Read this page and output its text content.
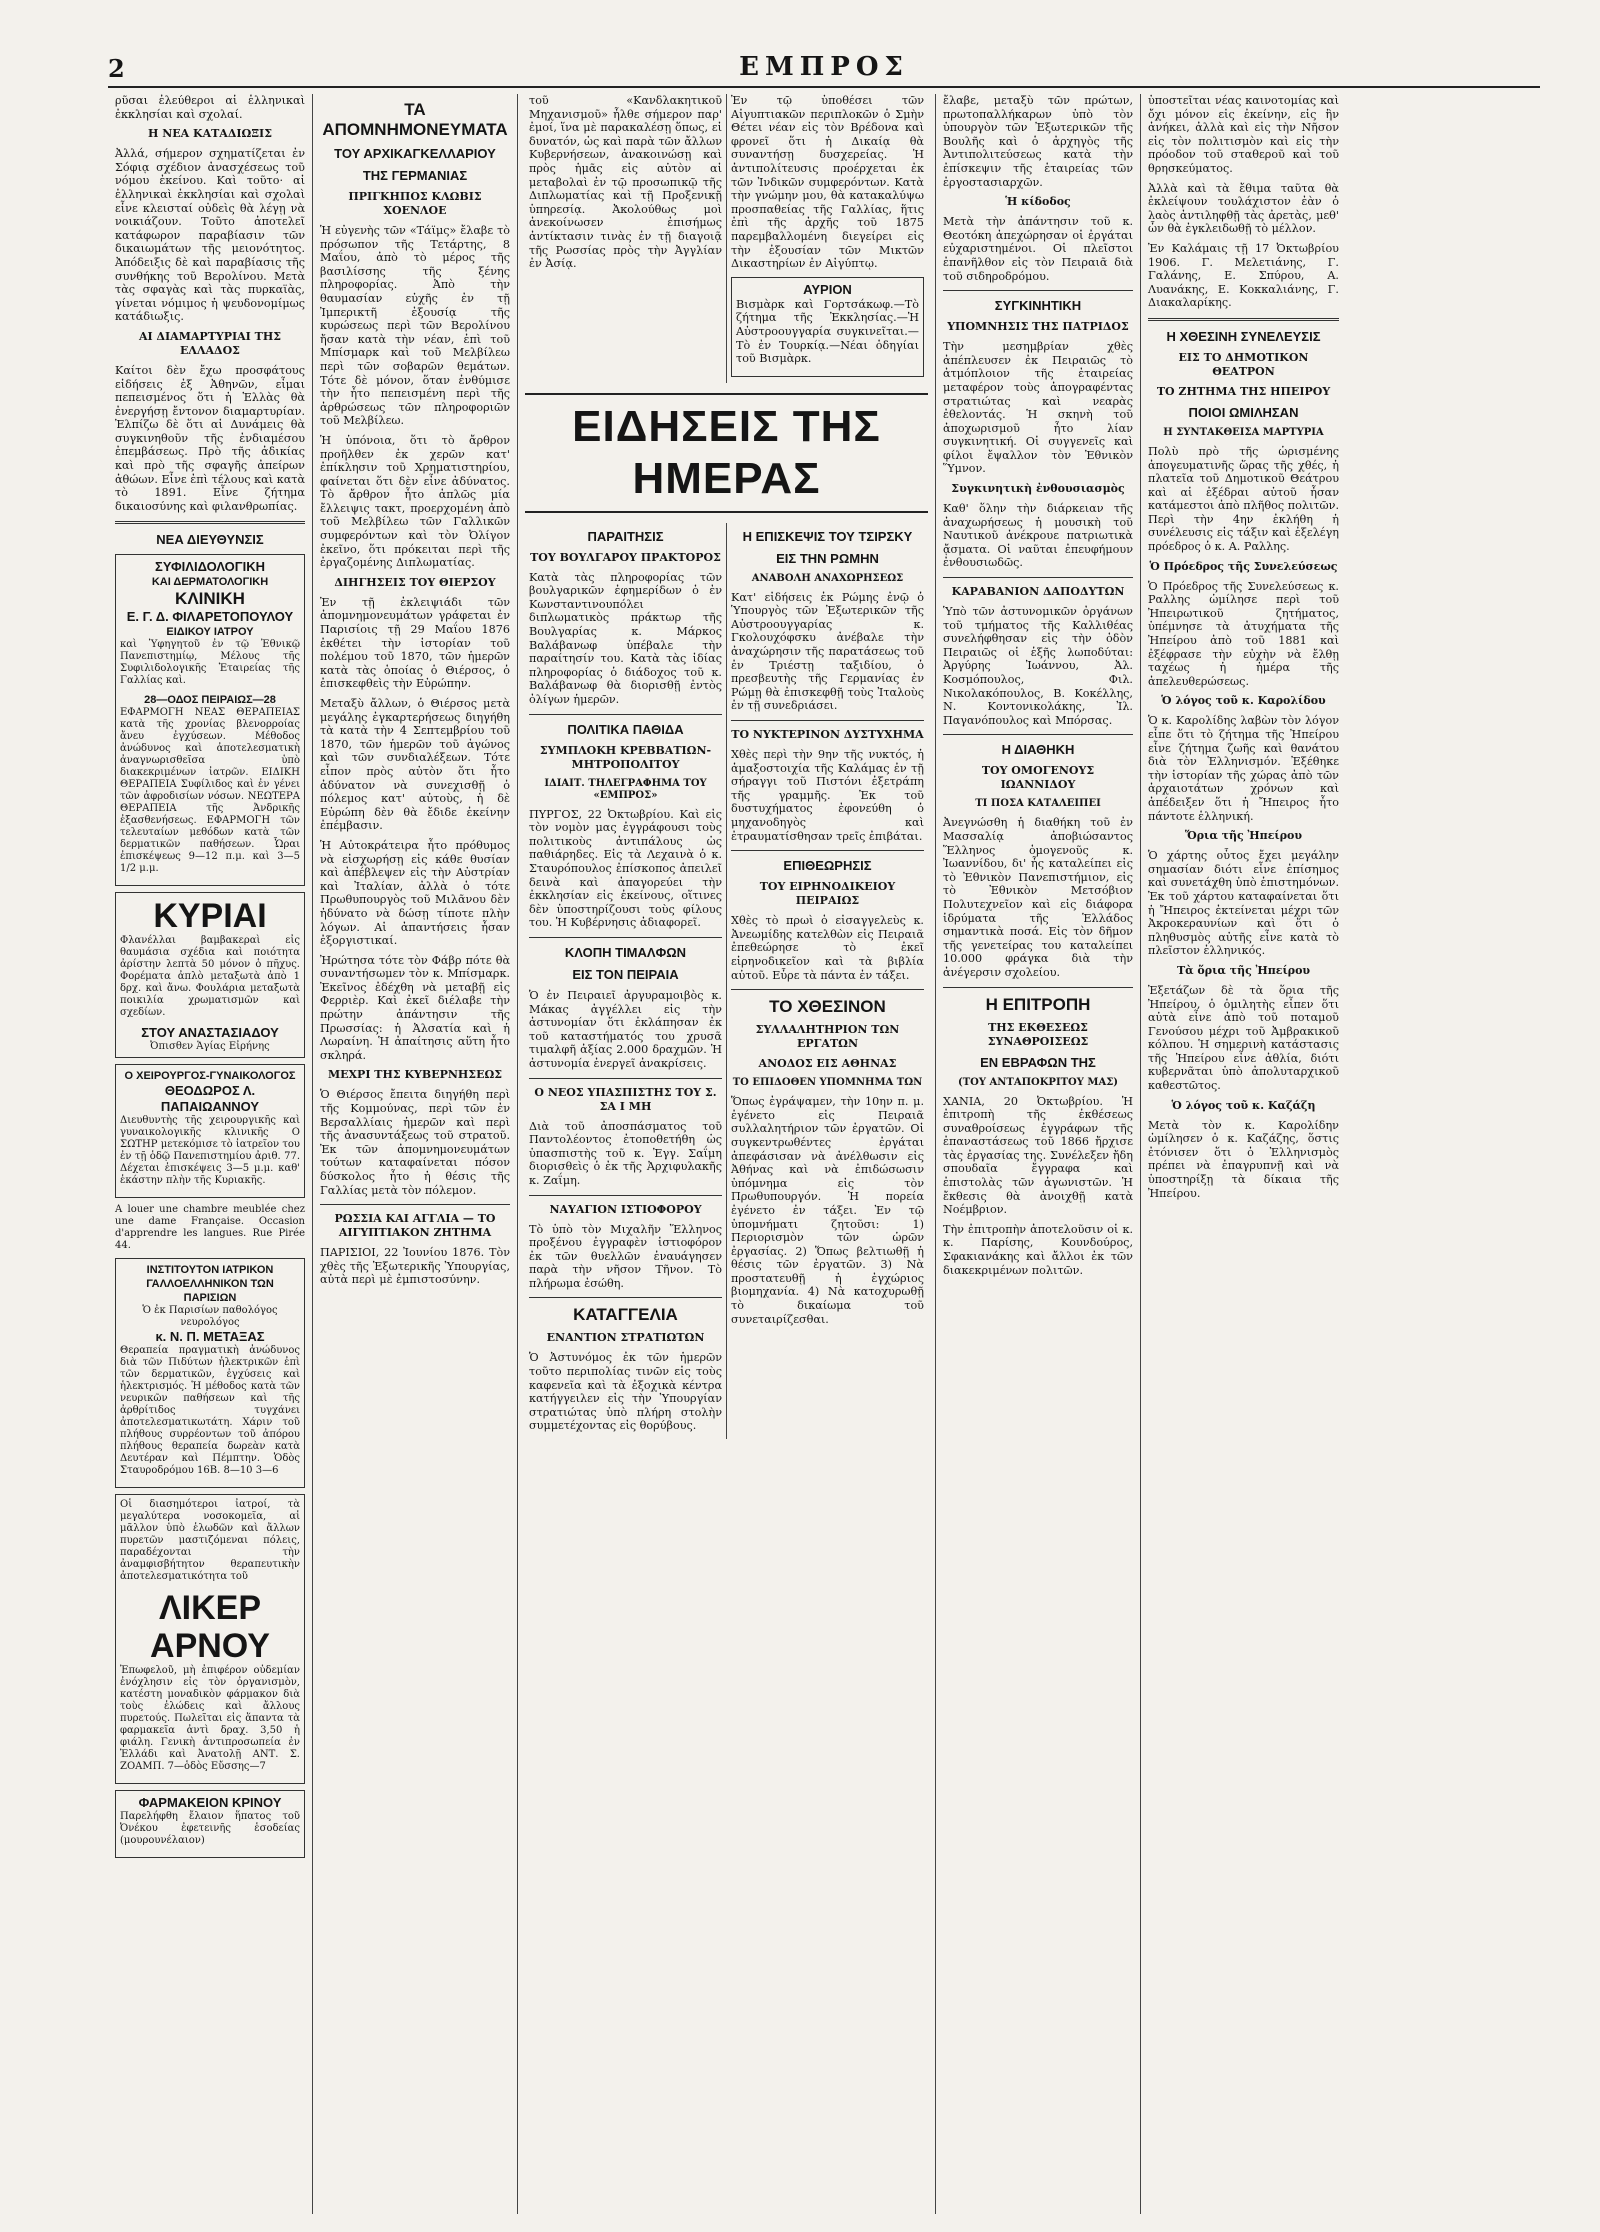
2	ΕΜΠΡΟΣ

ρῦσαι ἐλεύθεροι αἱ ἑλληνικαὶ ἐκκλησίαι καὶ σχολαί.

Η ΝΕΑ ΚΑΤΑΔΙΩΞΙΣ

Ἀλλά, σήμερον σχηματίζεται ἐν Σόφιᾳ σχέδιον ἀνασχέσεως τοῦ νόμου ἐκείνου. Καὶ τοῦτο· αἱ ἑλληνικαὶ ἐκκλησίαι καὶ σχολαὶ εἶνε κλεισταί οὐδεὶς θὰ λέγῃ νὰ νοικιάζουν. Τοῦτο ἀποτελεῖ κατάφωρον παραβίασιν τῶν δικαιωμάτων τῆς μειονότητος. Ἀπόδειξις δὲ καὶ παραβίασις τῆς συνθήκης τοῦ Βερολίνου. Μετὰ τὰς σφαγὰς καὶ τὰς πυρκαϊὰς, γίνεται νόμιμος ἡ ψευδονομίμως κατάδιωξις.

ΑΙ ΔΙΑΜΑΡΤΥΡΙΑΙ ΤΗΣ ΕΛΛΑΔΟΣ

Καίτοι δὲν ἔχω προσφάτους εἰδήσεις ἐξ Ἀθηνῶν, εἶμαι πεπεισμένος ὅτι ἡ Ἑλλὰς θὰ ἐνεργήσῃ ἔντονον διαμαρτυρίαν. Ἐλπίζω δὲ ὅτι αἱ Δυνάμεις θὰ συγκινηθοῦν τῆς ἐνδιαμέσου ἐπεμβάσεως. Πρὸ τῆς ἀδικίας καὶ πρὸ τῆς σφαγῆς ἀπείρων ἀθώων. Εἶνε ἐπὶ τέλους καὶ κατὰ τὸ 1891. Εἶνε ζήτημα δικαιοσύνης καὶ φιλανθρωπίας.

ΝΕΑ ΔΙΕΥΘΥΝΣΙΣ
ΣΥΦΙΛΙΔΟΛΟΓΙΚΗ
ΚΑΙ ΔΕΡΜΑΤΟΛΟΓΙΚΗ
ΚΛΙΝΙΚΗ
Ε. Γ. Δ. ΦΙΛΑΡΕΤΟΠΟΥΛΟΥ
ΕΙΔΙΚΟΥ ΙΑΤΡΟΥ

καὶ Ὑφηγητοῦ ἐν τῷ Ἐθνικῷ Πανεπιστημίῳ, Μέλους τῆς Συφιλιδολογικῆς Ἑταιρείας τῆς Γαλλίας καὶ.

28—ΟΔΟΣ ΠΕΙΡΑΙΩΣ—28

ΕΦΑΡΜΟΓΗ ΝΕΑΣ ΘΕΡΑΠΕΙΑΣ κατὰ τῆς χρονίας βλενορροίας ἄνευ ἐγχύσεων. Μέθοδος ἀνώδυνος καὶ ἀποτελεσματικὴ ἀναγνωρισθεῖσα ὑπὸ διακεκριμένων ἰατρῶν. ΕΙΔΙΚΗ ΘΕΡΑΠΕΙΑ Συφίλιδος καὶ ἐν γένει τῶν ἀφροδισίων νόσων. ΝΕΩΤΕΡΑ ΘΕΡΑΠΕΙΑ τῆς Ἀνδρικῆς ἐξασθενήσεως. ΕΦΑΡΜΟΓΗ τῶν τελευταίων μεθόδων κατὰ τῶν δερματικῶν παθήσεων. Ὧραι ἐπισκέψεως 9—12 π.μ. καὶ 3—5 1/2 μ.μ.

ΚΥΡΙΑΙ

Φλανέλλαι βαμβακεραὶ εἰς θαυμάσια σχέδια καὶ ποιότητα ἀρίστην λεπτὰ 50 μόνον ὁ πῆχυς. Φορέματα ἀπλὸ μεταξωτὰ ἀπὸ 1 δρχ. καὶ ἄνω. Φουλάρια μεταξωτὰ ποικιλία χρωματισμῶν καὶ σχεδίων.

ΣΤΟΥ ΑΝΑΣΤΑΣΙΑΔΟΥ
Ὀπισθεν Ἁγίας Εἰρήνης
Ο ΧΕΙΡΟΥΡΓΟΣ-ΓΥΝΑΙΚΟΛΟΓΟΣ
ΘΕΟΔΩΡΟΣ Λ. ΠΑΠΑΙΩΑΝΝΟΥ

Διευθυντὴς τῆς χειρουργικῆς καὶ γυναικολογικῆς κλινικῆς Ο ΣΩΤΗΡ μετεκόμισε τὸ ἰατρεῖον του ἐν τῇ ὁδῷ Πανεπιστημίου ἀριθ. 77. Δέχεται ἐπισκέψεις 3—5 μ.μ. καθ' ἑκάστην πλὴν τῆς Κυριακῆς.

A louer une chambre meublée chez une dame Française. Occasion d'apprendre les langues. Rue Pirée 44.

ΙΝΣΤΙΤΟΥΤΟΝ ΙΑΤΡΙΚΟΝ
ΓΑΛΛΟΕΛΛΗΝΙΚΟΝ ΤΩΝ ΠΑΡΙΣΙΩΝ
Ὁ ἐκ Παρισίων παθολόγος νευρολόγος
κ. Ν. Π. ΜΕΤΑΞΑΣ

Θεραπεία πραγματικὴ ἀνώδυνος διὰ τῶν Πιδύτων ἠλεκτρικῶν ἐπὶ τῶν δερματικῶν, ἐγχύσεις καὶ ἡλεκτρισμός. Ἡ μέθοδος κατὰ τῶν νευρικῶν παθήσεων καὶ τῆς ἀρθρίτιδος τυγχάνει ἀποτελεσματικωτάτη. Χάριν τοῦ πλήθους συρρέοντων τοῦ ἀπόρου πλήθους θεραπεία δωρεὰν κατὰ Δευτέραν καὶ Πέμπτην. Ὁδὸς Σταυροδρόμου 16Β. 8—10 3—6

Οἱ διασημότεροι ἰατροί, τὰ μεγαλύτερα νοσοκομεῖα, αἱ μᾶλλον ὑπὸ ἑλωδῶν καὶ ἄλλων πυρετῶν μαστιζόμεναι πόλεις, παραδέχονται τὴν ἀναμφισβήτητον θεραπευτικὴν ἀποτελεσματικότητα τοῦ

ΛΙΚΕΡ
ΑΡΝΟΥ

Ἐπωφελοῦ, μὴ ἐπιφέρον οὐδεμίαν ἐνόχλησιν εἰς τὸν ὀργανισμὸν, κατέστη μοναδικὸν φάρμακον διὰ τοὺς ἑλώδεις καὶ ἄλλους πυρετούς. Πωλεῖται εἰς ἅπαντα τὰ φαρμακεῖα ἀντὶ δραχ. 3,50 ἡ φιάλη. Γενικὴ ἀντιπροσωπεία ἐν Ἑλλάδι καὶ Ἀνατολῇ ΑΝΤ. Σ. ΖΟΑΜΠ. 7—ὁδὸς Εὔσσης—7

ΦΑΡΜΑΚΕΙΟΝ ΚΡΙΝΟΥ

Παρελήφθη ἔλαιον ἥπατος τοῦ Ὀνέκου ἐφετεινῆς ἑσοδείας (μουρουνέλαιον)

ΤΑ ΑΠΟΜΝΗΜΟΝΕΥΜΑΤΑ
ΤΟΥ ΑΡΧΙΚΑΓΚΕΛΛΑΡΙΟΥ
ΤΗΣ ΓΕΡΜΑΝΙΑΣ
ΠΡΙΓΚΗΠΟΣ ΚΛΩΒΙΣ ΧΟΕΝΛΟΕ

Ἡ εὐγενὴς τῶν «Τάϊμς» ἔλαβε τὸ πρόσωπον τῆς Τετάρτης, 8 Μαΐου, ἀπὸ τὸ μέρος τῆς βασιλίσσης τῆς ξένης πληροφορίας. Ἀπὸ τὴν θαυμασίαν εὐχῆς ἐν τῇ Ἰμπερικτῆ ἐξουσίᾳ τῆς κυρώσεως περὶ τῶν Βερολίνου ἤσαν κατὰ τὴν νέαν, ἐπὶ τοῦ Μπίσμαρκ καὶ τοῦ Μελβίλεω περὶ τῶν σοβαρῶν θεμάτων. Τότε δὲ μόνον, ὅταν ἐνθύμισε τὴν ἦτο πεπεισμένη περὶ τῆς ἀρθρώσεως τῶν πληροφοριῶν τοῦ Μελβίλεω.

Ἡ ὑπόνοια, ὅτι τὸ ἄρθρον προῆλθεν ἐκ χερῶν κατ' ἐπίκλησιν τοῦ Χρηματιστηρίου, φαίνεται ὅτι δὲν εἶνε ἀδύνατος. Τὸ ἄρθρον ἦτο ἁπλῶς μία ἔλλειψις τακτ, προερχομένη ἀπὸ τοῦ Μελβίλεω τῶν Γαλλικῶν συμφερόντων καὶ τὸν Ὀλίγον ἐκεῖνο, ὅτι πρόκειται περὶ τῆς ἐργαζομένης Διπλωματίας.

ΔΙΗΓΗΣΕΙΣ ΤΟΥ ΘΙΕΡΣΟΥ

Ἐν τῇ ἐκλειψιάδι τῶν ἀπομνημονευμάτων γράφεται ἐν Παρισίοις τῇ 29 Μαΐου 1876 ἐκθέτει τὴν ἱστορίαν τοῦ πολέμου τοῦ 1870, τῶν ἡμερῶν κατὰ τὰς ὁποίας ὁ Θιέρσος, ὁ ἐπισκεφθεὶς τὴν Εὐρώπην.

Μεταξὺ ἄλλων, ὁ Θιέρσος μετὰ μεγάλης ἐγκαρτερήσεως διηγήθη τὰ κατὰ τὴν 4 Σεπτεμβρίου τοῦ 1870, τῶν ἡμερῶν τοῦ ἀγώνος καὶ τῶν συνδιαλέξεων. Τότε εἶπον πρὸς αὐτὸν ὅτι ἦτο ἀδύνατον νὰ συνεχισθῇ ὁ πόλεμος κατ' αὐτοὺς, ἡ δὲ Εὐρώπη δὲν θὰ ἔδιδε ἐκείνην ἐπέμβασιν.

Ἡ Αὐτοκράτειρα ἦτο πρόθυμος νὰ εἰσχωρήσῃ εἰς κάθε θυσίαν καὶ ἀπέβλεψεν εἰς τὴν Αὐστρίαν καὶ Ἰταλίαν, ἀλλὰ ὁ τότε Πρωθυπουργὸς τοῦ Μιλᾶνου δὲν ἠδύνατο νὰ δώσῃ τίποτε πλὴν λόγων. Αἱ ἀπαντήσεις ἦσαν ἐξοργιστικαί.

Ἠρώτησα τότε τὸν Φάβρ πότε θὰ συναντήσωμεν τὸν κ. Μπίσμαρκ. Ἐκεῖνος ἐδέχθη νὰ μεταβῇ εἰς Φερριὲρ. Καὶ ἐκεῖ διέλαβε τὴν πρώτην ἀπάντησιν τῆς Πρωσσίας: ἡ Ἀλσατία καὶ ἡ Λωραίνη. Ἡ ἀπαίτησις αὕτη ἦτο σκληρά.

ΜΕΧΡΙ ΤΗΣ ΚΥΒΕΡΝΗΣΕΩΣ

Ὁ Θιέρσος ἔπειτα διηγήθη περὶ τῆς Κομμούνας, περὶ τῶν ἐν Βερσαλλίαις ἡμερῶν καὶ περὶ τῆς ἀνασυντάξεως τοῦ στρατοῦ. Ἐκ τῶν ἀπομνημονευμάτων τούτων καταφαίνεται πόσον δύσκολος ἦτο ἡ θέσις τῆς Γαλλίας μετὰ τὸν πόλεμον.

ΡΩΣΣΙΑ ΚΑΙ ΑΓΓΛΙΑ — ΤΟ ΑΙΓΥΠΤΙΑΚΟΝ ΖΗΤΗΜΑ

ΠΑΡΙΣΙΟΙ, 22 Ἰουνίου 1876. Τὸν χθὲς τῆς Ἐξωτερικῆς Ὑπουργίας, αὐτὰ περὶ μὲ ἐμπιστοσύνην.

τοῦ «Κανδλακητικοῦ Μηχανισμοῦ» ἦλθε σήμερον παρ' ἐμοί, ἵνα μὲ παρακαλέσῃ ὅπως, εἰ δυνατόν, ὡς καὶ παρὰ τῶν ἄλλων Κυβερνήσεων, ἀνακοινώσῃ καὶ πρὸς ἡμᾶς εἰς αὐτὸν αἱ μεταβολαὶ ἐν τῷ προσωπικῷ τῆς Διπλωματίας καὶ τῇ Προξενικῇ ὑπηρεσίᾳ. Ἀκολούθως μοὶ ἀνεκοίνωσεν ἐπισήμως ἀντίκτασιν τινὰς ἐν τῇ διαγοιᾷ τῆς Ρωσσίας πρὸς τὴν Ἀγγλίαν ἐν Ἀσίᾳ.

Ἐν τῷ ὑποθέσει τῶν Αἰγυπτιακῶν περιπλοκῶν ὁ Σμὴν Θέτει νέαν εἰς τὸν Βρέδονα καὶ φρονεῖ ὅτι ἡ Δικαίᾳ θὰ συναντήσῃ δυσχερείας. Ἡ ἀντιπολίτευσις προέρχεται ἐκ τῶν Ἰνδικῶν συμφερόντων. Κατὰ τὴν γνώμην μου, θὰ κατακαλύψω προσπαθείας τῆς Γαλλίας, ἥτις ἐπὶ τῆς ἀρχῆς τοῦ 1875 παρεμβαλλομένη διεγείρει εἰς τὴν ἐξουσίαν τῶν Μικτῶν Δικαστηρίων ἐν Αἰγύπτῳ.

ΑΥΡΙΟΝ

Βισμὰρκ καὶ Γορτσάκωφ.—Τὸ ζήτημα τῆς Ἐκκλησίας.—Ἡ Αὐστροουγγαρία συγκινεῖται.—Τὸ ἐν Τουρκίᾳ.—Νέαι ὁδηγίαι τοῦ Βισμὰρκ.

ΕΙΔΗΣΕΙΣ ΤΗΣ ΗΜΕΡΑΣ
ΠΑΡΑΙΤΗΣΙΣ
ΤΟΥ ΒΟΥΛΓΑΡΟΥ ΠΡΑΚΤΟΡΟΣ

Κατὰ τὰς πληροφορίας τῶν βουλγαρικῶν ἐφημερίδων ὁ ἐν Κωνσταντινουπόλει διπλωματικὸς πράκτωρ τῆς Βουλγαρίας κ. Μάρκος Βαλάβανωφ ὑπέβαλε τὴν παραίτησίν του. Κατὰ τὰς ἰδίας πληροφορίας ὁ διάδοχος τοῦ κ. Βαλάβανωφ θὰ διορισθῇ ἐντὸς ὀλίγων ἡμερῶν.

ΠΟΛΙΤΙΚΑ ΠΑΘΙΔΑ
ΣΥΜΠΛΟΚΗ ΚΡΕΒΒΑΤΙΩΝ-ΜΗΤΡΟΠΟΛΙΤΟΥ
ΙΔΙΑΙΤ. ΤΗΛΕΓΡΑΦΗΜΑ ΤΟΥ «ΕΜΠΡΟΣ»

ΠΥΡΓΟΣ, 22 Ὀκτωβρίου. Καὶ εἰς τὸν νομὸν μας ἐγγράφουσι τοὺς πολιτικοὺς ἀντιπάλους ὡς παθιάρηδες. Εἰς τὰ Λεχαινὰ ὁ κ. Σταυρόπουλος ἐπίσκοπος ἀπειλεῖ δεινὰ καὶ ἀπαγορεύει τὴν ἐκκλησίαν εἰς ἐκείνους, οἵτινες δὲν ὑποστηρίζουσι τοὺς φίλους του. Ἡ Κυβέρνησις ἀδιαφορεῖ.

ΚΛΟΠΗ ΤΙΜΑΛΦΩΝ
ΕΙΣ ΤΟΝ ΠΕΙΡΑΙΑ

Ὁ ἐν Πειραιεῖ ἀργυραμοιβὸς κ. Μάκας ἀγγέλλει εἰς τὴν ἀστυνομίαν ὅτι ἐκλάπησαν ἐκ τοῦ καταστήματός του χρυσᾶ τιμαλφῆ ἀξίας 2.000 δραχμῶν. Ἡ ἀστυνομία ἐνεργεῖ ἀνακρίσεις.

Ο ΝΕΟΣ ΥΠΑΣΠΙΣΤΗΣ ΤΟΥ Σ. ΣΑ Ι ΜΗ

Διὰ τοῦ ἀποσπάσματος τοῦ Παντολέοντος ἐτοποθετήθη ὡς ὑπασπιστὴς τοῦ κ. Ἐγγ. Σαΐμη διορισθεὶς ὁ ἐκ τῆς Ἀρχιφυλακῆς κ. Ζαΐμη.

ΝΑΥΑΓΙΟΝ ΙΣΤΙΟΦΟΡΟΥ

Τὸ ὑπὸ τὸν Μιχαλῆν Ἕλληνος προξένου ἐγγραφὲν ἱστιοφόρον ἐκ τῶν θυελλῶν ἐναυάγησεν παρὰ τὴν νῆσον Τῆνον. Τὸ πλήρωμα ἐσώθη.

ΚΑΤΑΓΓΕΛΙΑ
ΕΝΑΝΤΙΟΝ ΣΤΡΑΤΙΩΤΩΝ

Ὁ Ἀστυνόμος ἐκ τῶν ἡμερῶν τοῦτο περιπολίας τινῶν εἰς τοὺς καφενεῖα καὶ τὰ ἐξοχικὰ κέντρα κατήγγειλεν εἰς τὴν Ὑπουργίαν στρατιώτας ὑπὸ πλήρη στολὴν συμμετέχοντας εἰς θορύβους.

Η ΕΠΙΣΚΕΨΙΣ ΤΟΥ ΤΣΙΡΣΚΥ
ΕΙΣ ΤΗΝ ΡΩΜΗΝ
ΑΝΑΒΟΛΗ ΑΝΑΧΩΡΗΣΕΩΣ

Κατ' εἰδήσεις ἐκ Ρώμης ἐνῷ ὁ Ὑπουργὸς τῶν Ἐξωτερικῶν τῆς Αὐστροουγγαρίας κ. Γκολουχόφσκυ ἀνέβαλε τὴν ἀναχώρησιν τῆς παρατάσεως τοῦ ἐν Τριέστῃ ταξιδίου, ὁ πρεσβευτὴς τῆς Γερμανίας ἐν Ρώμῃ θὰ ἐπισκεφθῇ τοὺς Ἰταλοὺς ἐν τῇ συνεδριάσει.

ΤΟ ΝΥΚΤΕΡΙΝΟΝ ΔΥΣΤΥΧΗΜΑ

Χθὲς περὶ τὴν 9ην τῆς νυκτός, ἡ ἁμαξοστοιχία τῆς Καλάμας ἐν τῇ σήραγγι τοῦ Πιστόνι ἐξετράπη τῆς γραμμῆς. Ἐκ τοῦ δυστυχήματος ἐφονεύθη ὁ μηχανοδηγὸς καὶ ἐτραυματίσθησαν τρεῖς ἐπιβάται.

ΕΠΙΘΕΩΡΗΣΙΣ
ΤΟΥ ΕΙΡΗΝΟΔΙΚΕΙΟΥ ΠΕΙΡΑΙΩΣ

Χθὲς τὸ πρωὶ ὁ εἰσαγγελεὺς κ. Ἀνεωμίδης κατελθὼν εἰς Πειραιᾶ ἐπεθεώρησε τὸ ἐκεῖ εἰρηνοδικεῖον καὶ τὰ βιβλία αὐτοῦ. Εὗρε τὰ πάντα ἐν τάξει.

ΤΟ ΧΘΕΣΙΝΟΝ
ΣΥΛΛΑΛΗΤΗΡΙΟΝ ΤΩΝ ΕΡΓΑΤΩΝ
ΑΝΟΔΟΣ ΕΙΣ ΑΘΗΝΑΣ
ΤΟ ΕΠΙΔΟΘΕΝ ΥΠΟΜΝΗΜΑ ΤΩΝ

Ὅπως ἐγράψαμεν, τὴν 10ην π. μ. ἐγένετο εἰς Πειραιᾶ συλλαλητήριον τῶν ἐργατῶν. Οἱ συγκεντρωθέντες ἐργάται ἀπεφάσισαν νὰ ἀνέλθωσιν εἰς Ἀθήνας καὶ νὰ ἐπιδώσωσιν ὑπόμνημα εἰς τὸν Πρωθυπουργόν. Ἡ πορεία ἐγένετο ἐν τάξει. Ἐν τῷ ὑπομνήματι ζητοῦσι: 1) Περιορισμὸν τῶν ὡρῶν ἐργασίας. 2) Ὅπως βελτιωθῇ ἡ θέσις τῶν ἐργατῶν. 3) Νὰ προστατευθῇ ἡ ἐγχώριος βιομηχανία. 4) Νὰ κατοχυρωθῇ τὸ δικαίωμα τοῦ συνεταιρίζεσθαι.

ἔλαβε, μεταξὺ τῶν πρώτων, πρωτοπαλλήκαρων ὑπὸ τὸν ὑπουργὸν τῶν Ἐξωτερικῶν τῆς Βουλῆς καὶ ὁ ἀρχηγὸς τῆς Ἀντιπολιτεύσεως κατὰ τὴν ἐπίσκεψιν τῆς ἑταιρείας τῶν ἐργοστασιαρχῶν.

Ἡ κίδοδος

Μετὰ τὴν ἀπάντησιν τοῦ κ. Θεοτόκη ἀπεχώρησαν οἱ ἐργάται εὐχαριστημένοι. Οἱ πλεῖστοι ἐπανῆλθον εἰς τὸν Πειραιᾶ διὰ τοῦ σιδηροδρόμου.

ΣΥΓΚΙΝΗΤΙΚΗ
ΥΠΟΜΝΗΣΙΣ ΤΗΣ ΠΑΤΡΙΔΟΣ

Τὴν μεσημβρίαν χθὲς ἀπέπλευσεν ἐκ Πειραιῶς τὸ ἀτμόπλοιον τῆς ἐταιρείας μεταφέρον τοὺς ἀπογραφέντας στρατιώτας καὶ νεαρὰς ἐθελοντάς. Ἡ σκηνὴ τοῦ ἀποχωρισμοῦ ἦτο λίαν συγκινητική. Οἱ συγγενεῖς καὶ φίλοι ἔψαλλον τὸν Ἐθνικὸν Ὕμνον.

Συγκινητικὴ ἐνθουσιασμὸς

Καθ' ὅλην τὴν διάρκειαν τῆς ἀναχωρήσεως ἡ μουσικὴ τοῦ Ναυτικοῦ ἀνέκρουε πατριωτικὰ ᾄσματα. Οἱ ναῦται ἐπευφήμουν ἐνθουσιωδῶς.

ΚΑΡΑΒΑΝΙΟΝ ΔΑΠΟΔΥΤΩΝ

Ὑπὸ τῶν ἀστυνομικῶν ὀργάνων τοῦ τμήματος τῆς Καλλιθέας συνελήφθησαν εἰς τὴν ὁδὸν Πειραιῶς οἱ ἑξῆς λωποδύται: Ἀργύρης Ἰωάννου, Ἀλ. Κοσμόπουλος, Φιλ. Νικολακόπουλος, Β. Κοκέλλης, Ν. Κοντονικολάκης, Ἰλ. Παγανόπουλος καὶ Μπόρσας.

Η ΔΙΑΘΗΚΗ
ΤΟΥ ΟΜΟΓΕΝΟΥΣ ΙΩΑΝΝΙΔΟΥ
ΤΙ ΠΟΣΑ ΚΑΤΑΛΕΙΠΕΙ

Ἀνεγνώσθη ἡ διαθήκη τοῦ ἐν Μασσαλίᾳ ἀποβιώσαντος Ἕλληνος ὁμογενοῦς κ. Ἰωαννίδου, δι' ἧς καταλείπει εἰς τὸ Ἐθνικὸν Πανεπιστήμιον, εἰς τὸ Ἐθνικὸν Μετσόβιον Πολυτεχνεῖον καὶ εἰς διάφορα ἱδρύματα τῆς Ἑλλάδος σημαντικὰ ποσά. Εἰς τὸν δῆμον τῆς γενετείρας του καταλείπει 10.000 φράγκα διὰ τὴν ἀνέγερσιν σχολείου.

Η ΕΠΙΤΡΟΠΗ
ΤΗΣ ΕΚΘΕΣΕΩΣ ΣΥΝΑΘΡΟΙΣΕΩΣ
ΕΝ ΕΒΡΑΦΩΝ ΤΗΣ
(ΤΟΥ ΑΝΤΑΠΟΚΡΙΤΟΥ ΜΑΣ)

ΧΑΝΙΑ, 20 Ὀκτωβρίου. Ἡ ἐπιτροπὴ τῆς ἐκθέσεως συναθροίσεως ἐγγράφων τῆς ἐπαναστάσεως τοῦ 1866 ἤρχισε τὰς ἐργασίας της. Συνέλεξεν ἤδη σπουδαῖα ἔγγραφα καὶ ἐπιστολὰς τῶν ἀγωνιστῶν. Ἡ ἔκθεσις θὰ ἀνοιχθῇ κατὰ Νοέμβριον.

Τὴν ἐπιτροπὴν ἀποτελοῦσιν οἱ κ. κ. Παρίσης, Κουνδούρος, Σφακιανάκης καὶ ἄλλοι ἐκ τῶν διακεκριμένων πολιτῶν.

ὑποστεῖται νέας καινοτομίας καὶ ὄχι μόνον εἰς ἐκείνην, εἰς ἣν ἀνήκει, ἀλλὰ καὶ εἰς τὴν Νῆσον εἰς τὸν πολιτισμὸν καὶ εἰς τὴν πρόοδον τοῦ σταθεροῦ καὶ τοῦ θρησκεύματος.

Ἀλλὰ καὶ τὰ ἔθιμα ταῦτα θὰ ἐκλείψουν τουλάχιστον ἐὰν ὁ λαὸς ἀντιληφθῇ τὰς ἀρετὰς, μεθ' ὧν θὰ ἐγκλειδωθῇ τὸ μέλλον.

Ἐν Καλάμαις τῇ 17 Ὀκτωβρίου 1906. Γ. Μελετιάνης, Γ. Γαλάνης, Ε. Σπύρου, Α. Λυανάκης, Ε. Κοκκαλιάνης, Γ. Διακαλαρίκης.

Η ΧΘΕΣΙΝΗ ΣΥΝΕΛΕΥΣΙΣ
ΕΙΣ ΤΟ ΔΗΜΟΤΙΚΟΝ ΘΕΑΤΡΟΝ
ΤΟ ΖΗΤΗΜΑ ΤΗΣ ΗΠΕΙΡΟΥ
ΠΟΙΟΙ ΩΜΙΛΗΣΑΝ
Η ΣΥΝΤΑΚΘΕΙΣΑ ΜΑΡΤΥΡΙΑ

Πολὺ πρὸ τῆς ὡρισμένης ἀπογευματινῆς ὥρας τῆς χθές, ἡ πλατεῖα τοῦ Δημοτικοῦ Θεάτρου καὶ αἱ ἐξέδραι αὐτοῦ ἦσαν κατάμεστοι ἀπὸ πλῆθος πολιτῶν. Περὶ τὴν 4ην ἐκλήθη ἡ συνέλευσις εἰς τάξιν καὶ ἐξελέγη πρόεδρος ὁ κ. Α. Ραλλης.

Ὁ Πρόεδρος τῆς Συνελεύσεως

Ὁ Πρόεδρος τῆς Συνελεύσεως κ. Ραλλης ὡμίλησε περὶ τοῦ Ἠπειρωτικοῦ ζητήματος, ὑπέμνησε τὰ ἀτυχήματα τῆς Ἠπείρου ἀπὸ τοῦ 1881 καὶ ἐξέφρασε τὴν εὐχὴν νὰ ἔλθῃ ταχέως ἡ ἡμέρα τῆς ἀπελευθερώσεως.

Ὁ λόγος τοῦ κ. Καρολίδου

Ὁ κ. Καρολίδης λαβὼν τὸν λόγον εἶπε ὅτι τὸ ζήτημα τῆς Ἠπείρου εἶνε ζήτημα ζωῆς καὶ θανάτου διὰ τὸν Ἑλληνισμόν. Ἐξέθηκε τὴν ἱστορίαν τῆς χώρας ἀπὸ τῶν ἀρχαιοτάτων χρόνων καὶ ἀπέδειξεν ὅτι ἡ Ἤπειρος ἦτο πάντοτε ἑλληνική.

Ὅρια τῆς Ἠπείρου

Ὁ χάρτης οὗτος ἔχει μεγάλην σημασίαν διότι εἶνε ἐπίσημος καὶ συνετάχθη ὑπὸ ἐπιστημόνων. Ἐκ τοῦ χάρτου καταφαίνεται ὅτι ἡ Ἤπειρος ἐκτείνεται μέχρι τῶν Ἀκροκεραυνίων καὶ ὅτι ὁ πληθυσμὸς αὐτῆς εἶνε κατὰ τὸ πλεῖστον ἑλληνικός.

Τὰ ὅρια τῆς Ἠπείρου

Ἐξετάζων δὲ τὰ ὅρια τῆς Ἠπείρου, ὁ ὁμιλητὴς εἶπεν ὅτι αὐτὰ εἶνε ἀπὸ τοῦ ποταμοῦ Γενούσου μέχρι τοῦ Ἀμβρακικοῦ κόλπου. Ἡ σημερινὴ κατάστασις τῆς Ἠπείρου εἶνε ἀθλία, διότι κυβερνᾶται ὑπὸ ἀπολυταρχικοῦ καθεστῶτος.

Ὁ λόγος τοῦ κ. Καζάζη

Μετὰ τὸν κ. Καρολίδην ὡμίλησεν ὁ κ. Καζάζης, ὅστις ἐτόνισεν ὅτι ὁ Ἑλληνισμὸς πρέπει νὰ ἐπαγρυπνῇ καὶ νὰ ὑποστηρίξῃ τὰ δίκαια τῆς Ἠπείρου.
